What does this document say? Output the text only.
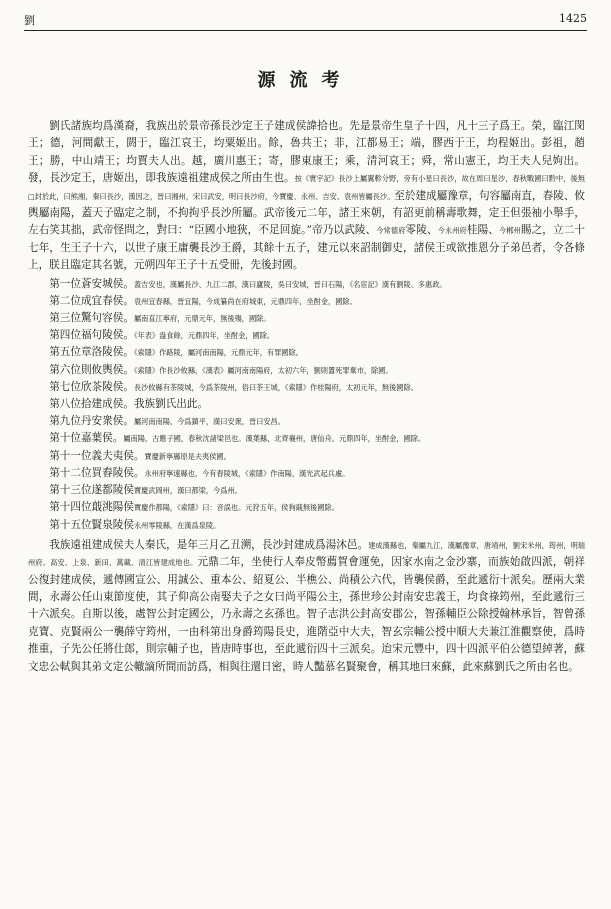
劉	1425
源流考

劉氏諸族均爲漢裔，我族出於景帝孫長沙定王子建成侯諱拾也。先是景帝生皇子十四，凡十三子爲王。榮，臨江閔王；德，河間獻王，閼于，臨江哀王，均粟姬出。餘，魯共王；非，江都易王；端，膠西于王，均程姬出。彭祖，趙王；勝，中山靖王；均賈夫人出。越，廣川惠王；寄，膠東康王；乘，清河哀王；舜，常山憲王，均王夫人兒姁出。發，長沙定王，唐姬出，即我族遠祖建成侯之所由生也。按《寰宇記》長沙上屬翼軫分野，旁有小星曰長沙，故在周曰星沙，春秋戰國曰黔中，後無□封於此，曰熊湘，秦曰長沙，漢因之，晉曰湘州，宋曰武安，明曰長沙府，今寶慶、永州、吉安、袁州皆屬長沙。至於建成屬豫章，句容屬南直，春陵、攸輿屬南陽，蓋天子臨定之制，不拘拘乎長沙所屬。武帝後元二年，諸王來朝，有詔更前稱壽歌舞，定王但張袖小舉手，左右笑其拙，武帝怪問之，對曰：“臣國小地狹，不足回旋。”帝乃以武陵、今常德府零陵、今永州府桂陽、今郴州賜之，立二十七年，生王子十六，以世子康王庸襲長沙王爵，其餘十五子，建元以來詔制御史，諸侯王或欲推恩分子弟邑者，令各條上，朕且臨定其名號，元朔四年王子十五受冊，先後封國。

第一位蒼安城侯。蓋吉安也，漢屬長沙、九江二郡，漢曰廬陵，吳曰安城，晉曰石陽，《名宦記》漢有劉陵、多惠政。
第二位成宜春侯。袁州宜春縣，晉宜陽，今成纂尚在府城東，元鼎四年，坐酎金，國除。
第三位驚句容侯。屬南直江寧府，元鼎元年，無後殤，國除。
第四位福句陵侯。《年表》盎食餘，元鼎四年，坐酎金，國除。
第五位章洛陵侯。《索隱》作路陵，屬河南南陽，元鼎元年，有罪國除。
第六位則攸輿侯。《索隱》作長沙攸縣，《漢表》屬河南南陽府，太初六年，劉則囂死罪棄市，除國。
第七位欣茶陵侯。長沙攸縣有茶陵城，今爲茶陵州，俗曰茶王城，《索隱》作桂陽府，太初元年，無後國除。
第八位拾建成侯。我族劉氏出此。
第九位丹安衆侯。屬河南南陽，今爲鎮平，漢曰安衆，晉曰安昌。
第十位嘉葉侯。屬南陽，古應子國，春秋沈諸梁邑也。漢葉縣，北齊襄州，唐仙舟。元鼎四年，坐酎金，國除。
第十一位義夫夷侯。寶慶新寧縣原是夫夷侯國。
第十二位買舂陵侯。永州府寧遠縣也，今有舂陵城，《索隱》作南陽，漢光武起兵處。
第十三位遂都陵侯寶慶武岡州，漢曰都梁，今爲州。
第十四位蕺洮陽侯寶慶作都陽，《索隱》曰：音誤也。元狩五年，侯狗蕺無後國除。
第十五位賢泉陵侯永州零陵縣，在漢爲泉陵。

我族遠祖建成侯夫人秦氏，是年三月乙丑溯，長沙封建成爲湯沐邑。建成漢縣也，秦屬九江，漢屬豫章，唐靖州，劉宋米州，筠州，明瑞州府。高安、上泉、新田、萬載、清江皆建成地也。元鼎二年，坐使行人奉皮幣薦賀會運免，因家水南之金沙寨，而族始啟四派，朝祥公復封建成侯，遞傳國宣公、用誠公、重本公、紹夏公、半樵公、尚積公六代，皆襲侯爵，至此遞衍十派矣。歷兩大業間，永壽公任山東節度使，其子仰高公南娶夫子之女曰尚平陽公主，孫世珍公封南安忠義王，均食祿筠州，至此遞衍三十六派矣。自斯以後，處智公封定國公，乃永壽之玄孫也。智子志洪公封高安郡公，智孫輔臣公除授翰林承旨，智曾孫克寶、克賢兩公一襲薛守筠州，一由科第出身爵筠陽長史，進階亞中大夫，智玄宗輔公授中順大夫兼江淮觀察使，爲時推重，子先公任將仕郎，則宗輔子也，皆唐時事也，至此遞衍四十三派矣。迨宋元豐中，四十四派平伯公德望綽著，蘇文忠公軾與其弟文定公轍謫所間而訪爲，相與往還日密，時人豔慕名賢聚會，稱其地曰來蘇，此來蘇劉氏之所由名也。
